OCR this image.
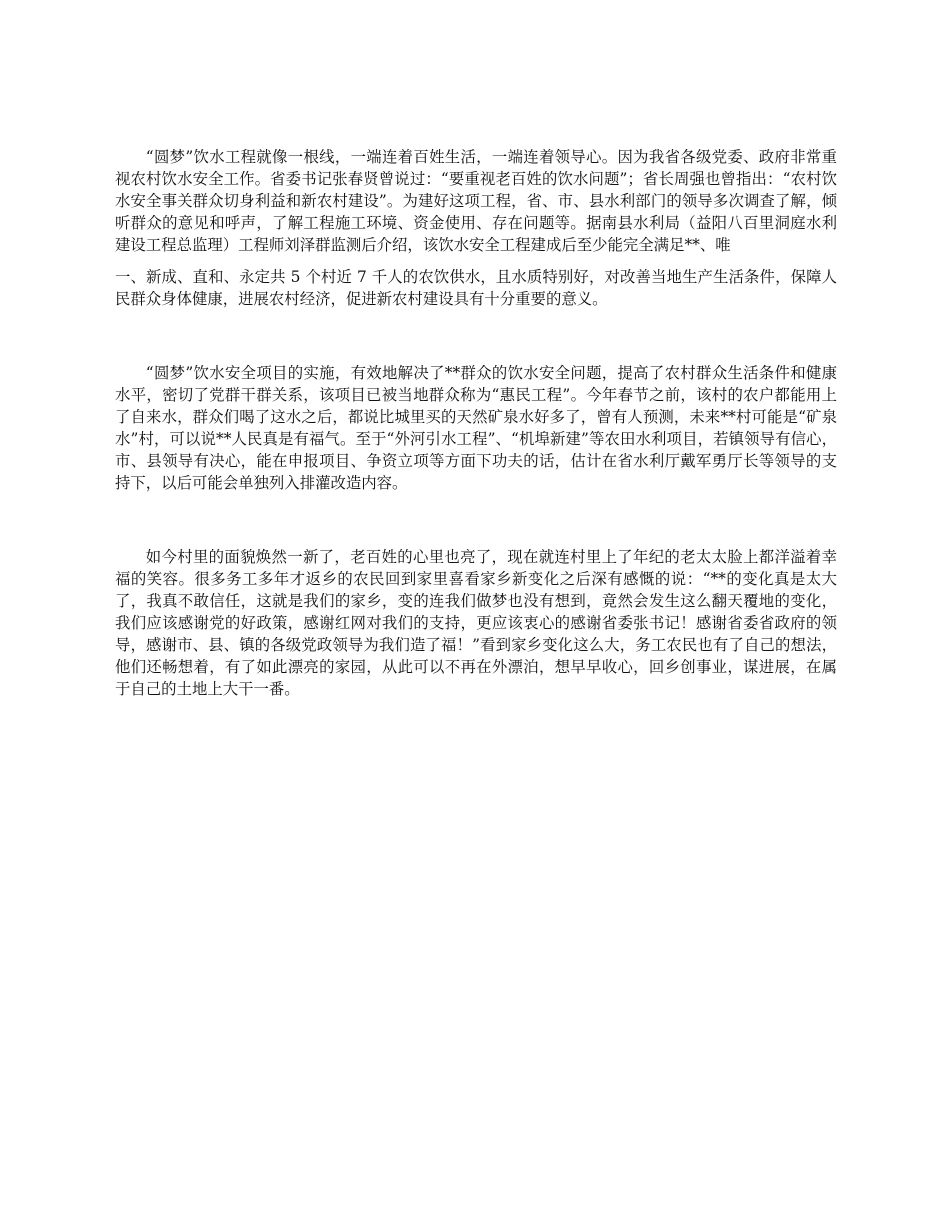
“圆梦”饮水工程就像一根线，一端连着百姓生活，一端连着领导心。因为我省各级党委、政府非常重视农村饮水安全工作。省委书记张春贤曾说过：“要重视老百姓的饮水问题”；省长周强也曾指出：“农村饮水安全事关群众切身利益和新农村建设”。为建好这项工程，省、市、县水利部门的领导多次调查了解，倾听群众的意见和呼声，了解工程施工环境、资金使用、存在问题等。据南县水利局（益阳八百里洞庭水利建设工程总监理）工程师刘泽群监测后介绍，该饮水安全工程建成后至少能完全满足**、唯

一、新成、直和、永定共 5 个村近 7 千人的农饮供水，且水质特别好，对改善当地生产生活条件，保障人民群众身体健康，进展农村经济，促进新农村建设具有十分重要的意义。

“圆梦”饮水安全项目的实施，有效地解决了**群众的饮水安全问题，提高了农村群众生活条件和健康水平，密切了党群干群关系，该项目已被当地群众称为“惠民工程”。今年春节之前，该村的农户都能用上了自来水，群众们喝了这水之后，都说比城里买的天然矿泉水好多了，曾有人预测，未来**村可能是“矿泉水”村，可以说**人民真是有福气。至于“外河引水工程”、“机埠新建”等农田水利项目，若镇领导有信心，市、县领导有决心，能在申报项目、争资立项等方面下功夫的话，估计在省水利厅戴军勇厅长等领导的支持下，以后可能会单独列入排灌改造内容。

如今村里的面貌焕然一新了，老百姓的心里也亮了，现在就连村里上了年纪的老太太脸上都洋溢着幸福的笑容。很多务工多年才返乡的农民回到家里喜看家乡新变化之后深有感慨的说：“**的变化真是太大了，我真不敢信任，这就是我们的家乡，变的连我们做梦也没有想到，竟然会发生这么翻天覆地的变化，我们应该感谢党的好政策，感谢红网对我们的支持，更应该衷心的感谢省委张书记！感谢省委省政府的领导，感谢市、县、镇的各级党政领导为我们造了福！”看到家乡变化这么大，务工农民也有了自己的想法，他们还畅想着，有了如此漂亮的家园，从此可以不再在外漂泊，想早早收心，回乡创事业，谋进展，在属于自己的土地上大干一番。
